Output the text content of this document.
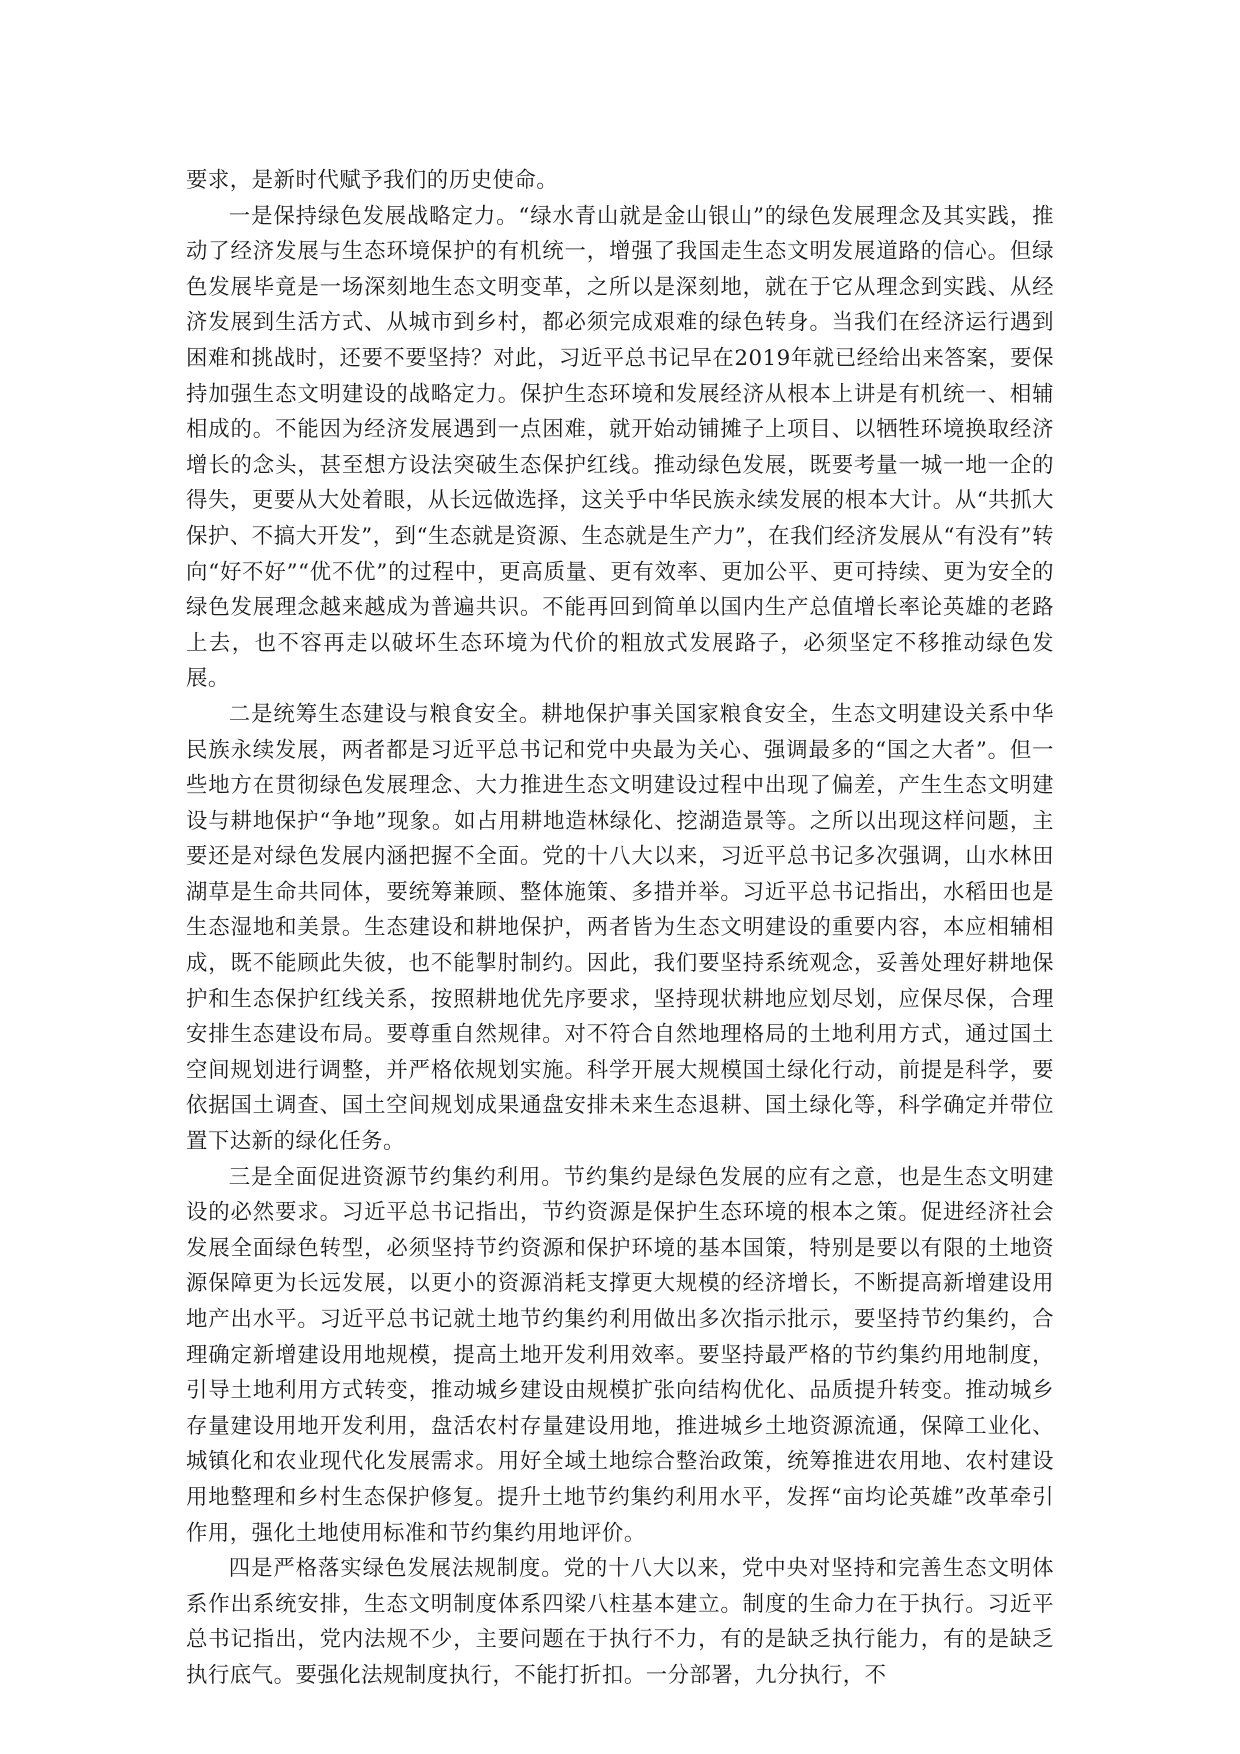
要求，是新时代赋予我们的历史使命。

一是保持绿色发展战略定力。“绿水青山就是金山银山”的绿色发展理念及其实践，推动了经济发展与生态环境保护的有机统一，增强了我国走生态文明发展道路的信心。但绿色发展毕竟是一场深刻地生态文明变革，之所以是深刻地，就在于它从理念到实践、从经济发展到生活方式、从城市到乡村，都必须完成艰难的绿色转身。当我们在经济运行遇到困难和挑战时，还要不要坚持？对此，习近平总书记早在2019年就已经给出来答案，要保持加强生态文明建设的战略定力。保护生态环境和发展经济从根本上讲是有机统一、相辅相成的。不能因为经济发展遇到一点困难，就开始动铺摊子上项目、以牺牲环境换取经济增长的念头，甚至想方设法突破生态保护红线。推动绿色发展，既要考量一城一地一企的得失，更要从大处着眼，从长远做选择，这关乎中华民族永续发展的根本大计。从“共抓大保护、不搞大开发”，到“生态就是资源、生态就是生产力”，在我们经济发展从“有没有”转向“好不好”“优不优”的过程中，更高质量、更有效率、更加公平、更可持续、更为安全的绿色发展理念越来越成为普遍共识。不能再回到简单以国内生产总值增长率论英雄的老路上去，也不容再走以破坏生态环境为代价的粗放式发展路子，必须坚定不移推动绿色发展。

二是统筹生态建设与粮食安全。耕地保护事关国家粮食安全，生态文明建设关系中华民族永续发展，两者都是习近平总书记和党中央最为关心、强调最多的“国之大者”。但一些地方在贯彻绿色发展理念、大力推进生态文明建设过程中出现了偏差，产生生态文明建设与耕地保护“争地”现象。如占用耕地造林绿化、挖湖造景等。之所以出现这样问题，主要还是对绿色发展内涵把握不全面。党的十八大以来，习近平总书记多次强调，山水林田湖草是生命共同体，要统筹兼顾、整体施策、多措并举。习近平总书记指出，水稻田也是生态湿地和美景。生态建设和耕地保护，两者皆为生态文明建设的重要内容，本应相辅相成，既不能顾此失彼，也不能掣肘制约。因此，我们要坚持系统观念，妥善处理好耕地保护和生态保护红线关系，按照耕地优先序要求，坚持现状耕地应划尽划，应保尽保，合理安排生态建设布局。要尊重自然规律。对不符合自然地理格局的土地利用方式，通过国土空间规划进行调整，并严格依规划实施。科学开展大规模国土绿化行动，前提是科学，要依据国土调查、国土空间规划成果通盘安排未来生态退耕、国土绿化等，科学确定并带位置下达新的绿化任务。

三是全面促进资源节约集约利用。节约集约是绿色发展的应有之意，也是生态文明建设的必然要求。习近平总书记指出，节约资源是保护生态环境的根本之策。促进经济社会发展全面绿色转型，必须坚持节约资源和保护环境的基本国策，特别是要以有限的土地资源保障更为长远发展，以更小的资源消耗支撑更大规模的经济增长，不断提高新增建设用地产出水平。习近平总书记就土地节约集约利用做出多次指示批示，要坚持节约集约，合理确定新增建设用地规模，提高土地开发利用效率。要坚持最严格的节约集约用地制度，引导土地利用方式转变，推动城乡建设由规模扩张向结构优化、品质提升转变。推动城乡存量建设用地开发利用，盘活农村存量建设用地，推进城乡土地资源流通，保障工业化、城镇化和农业现代化发展需求。用好全域土地综合整治政策，统筹推进农用地、农村建设用地整理和乡村生态保护修复。提升土地节约集约利用水平，发挥“亩均论英雄”改革牵引作用，强化土地使用标准和节约集约用地评价。

四是严格落实绿色发展法规制度。党的十八大以来，党中央对坚持和完善生态文明体系作出系统安排，生态文明制度体系四梁八柱基本建立。制度的生命力在于执行。习近平总书记指出，党内法规不少，主要问题在于执行不力，有的是缺乏执行能力，有的是缺乏执行底气。要强化法规制度执行，不能打折扣。一分部署，九分执行，不
